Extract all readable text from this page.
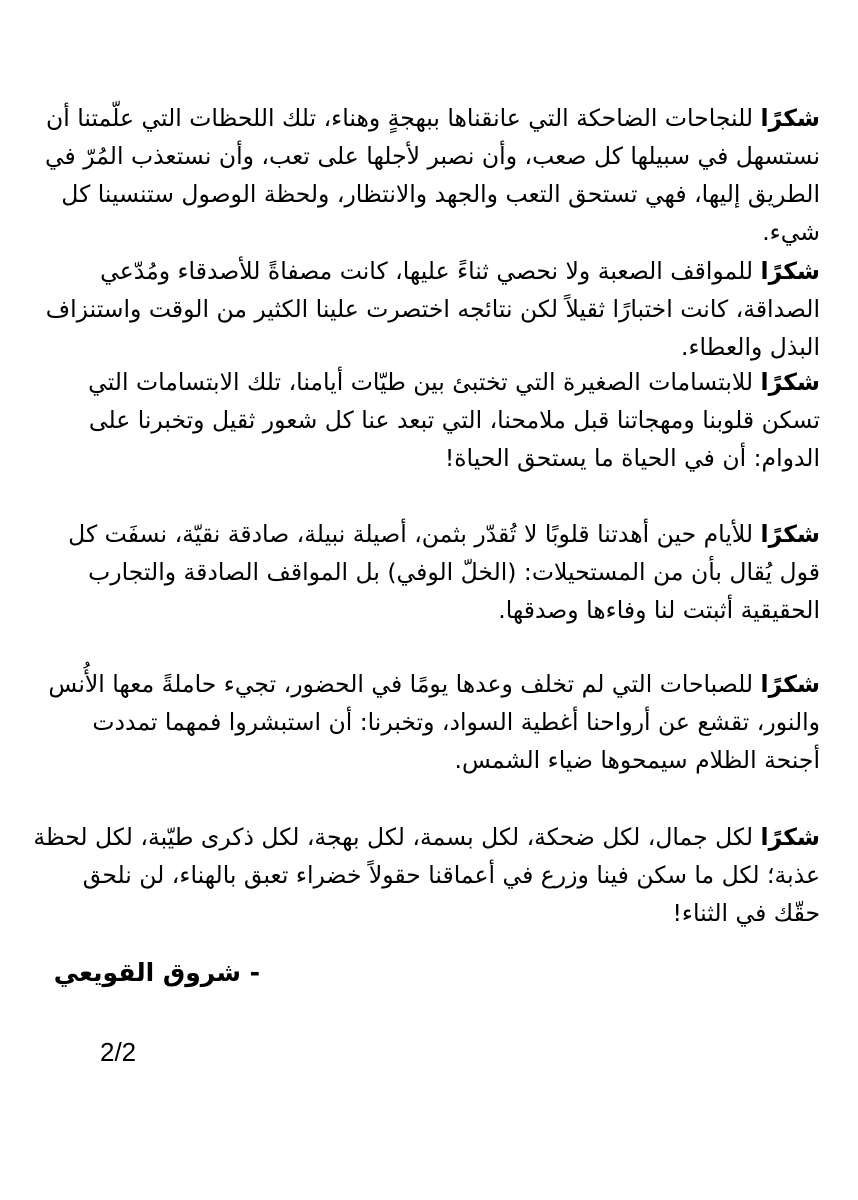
شكرًا للنجاحات الضاحكة التي عانقناها ببهجةٍ وهناء، تلك اللحظات التي علّمتنا أن نستسهل في سبيلها كل صعب، وأن نصبر لأجلها على تعب، وأن نستعذب المُرّ في الطريق إليها، فهي تستحق التعب والجهد والانتظار، ولحظة الوصول ستنسينا كل شيء.

شكرًا للمواقف الصعبة ولا نحصي ثناءً عليها، كانت مصفاةً للأصدقاء ومُدّعي الصداقة، كانت اختبارًا ثقيلاً لكن نتائجه اختصرت علينا الكثير من الوقت واستنزاف البذل والعطاء.

شكرًا للابتسامات الصغيرة التي تختبئ بين طيّات أيامنا، تلك الابتسامات التي تسكن قلوبنا ومهجاتنا قبل ملامحنا، التي تبعد عنا كل شعور ثقيل وتخبرنا على الدوام: أن في الحياة ما يستحق الحياة!

شكرًا للأيام حين أهدتنا قلوبًا لا تُقدّر بثمن، أصيلة نبيلة، صادقة نقيّة، نسفَت كل قول يُقال بأن من المستحيلات: (الخلّ الوفي) بل المواقف الصادقة والتجارب الحقيقية أثبتت لنا وفاءها وصدقها.

شكرًا للصباحات التي لم تخلف وعدها يومًا في الحضور، تجيء حاملةً معها الأُنس والنور، تقشع عن أرواحنا أغطية السواد، وتخبرنا: أن استبشروا فمهما تمددت أجنحة الظلام سيمحوها ضياء الشمس.

شكرًا لكل جمال، لكل ضحكة، لكل بسمة، لكل بهجة، لكل ذكرى طيّبة، لكل لحظة عذبة؛ لكل ما سكن فينا وزرع في أعماقنا حقولاً خضراء تعبق بالهناء، لن نلحق حقّك في الثناء!

- شروق القويعي
2/2
